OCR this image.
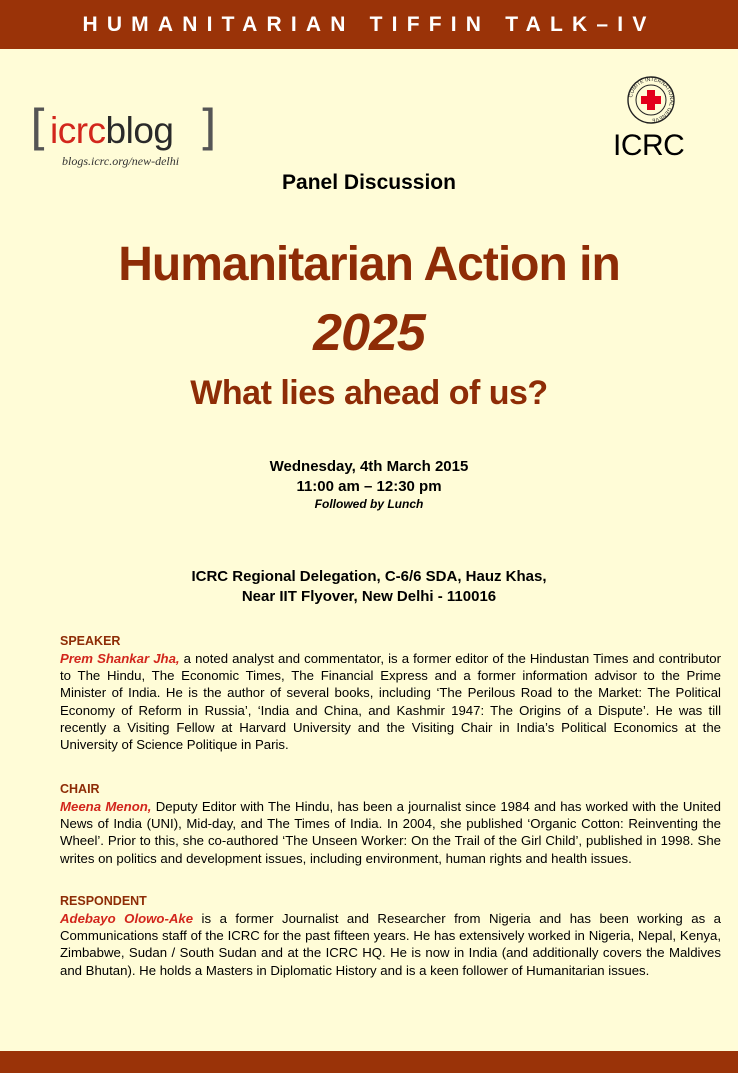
HUMANITARIAN TIFFIN TALK–IV
[ icrcblog ]
blogs.icrc.org/new-delhi
COMITE INTERNATIONAL GENEVE
ICRC
Panel Discussion
Humanitarian Action in
2025
What lies ahead of us?
Wednesday, 4th March 2015
11:00 am – 12:30 pm
Followed by Lunch
ICRC Regional Delegation, C-6/6 SDA, Hauz Khas,
Near IIT Flyover, New Delhi - 110016
SPEAKER

Prem Shankar Jha, a noted analyst and commentator, is a former editor of the Hindustan Times and contributor to The Hindu, The Economic Times, The Financial Express and a former information advisor to the Prime Minister of India. He is the author of several books, including ‘The Perilous Road to the Market: The Political Economy of Reform in Russia’, ‘India and China, and Kashmir 1947: The Origins of a Dispute’. He was till recently a Visiting Fellow at Harvard University and the Visiting Chair in India’s Political Economics at the University of Science Politique in Paris.

CHAIR

Meena Menon, Deputy Editor with The Hindu, has been a journalist since 1984 and has worked with the United News of India (UNI), Mid-day, and The Times of India. In 2004, she published ‘Organic Cotton: Reinventing the Wheel’. Prior to this, she co-authored ‘The Unseen Worker: On the Trail of the Girl Child’, published in 1998. She writes on politics and development issues, including environment, human rights and health issues.

RESPONDENT

Adebayo Olowo-Ake is a former Journalist and Researcher from Nigeria and has been working as a Communications staff of the ICRC for the past fifteen years. He has extensively worked in Nigeria, Nepal, Kenya, Zimbabwe, Sudan / South Sudan and at the ICRC HQ. He is now in India (and additionally covers the Maldives and Bhutan). He holds a Masters in Diplomatic History and is a keen follower of Humanitarian issues.
